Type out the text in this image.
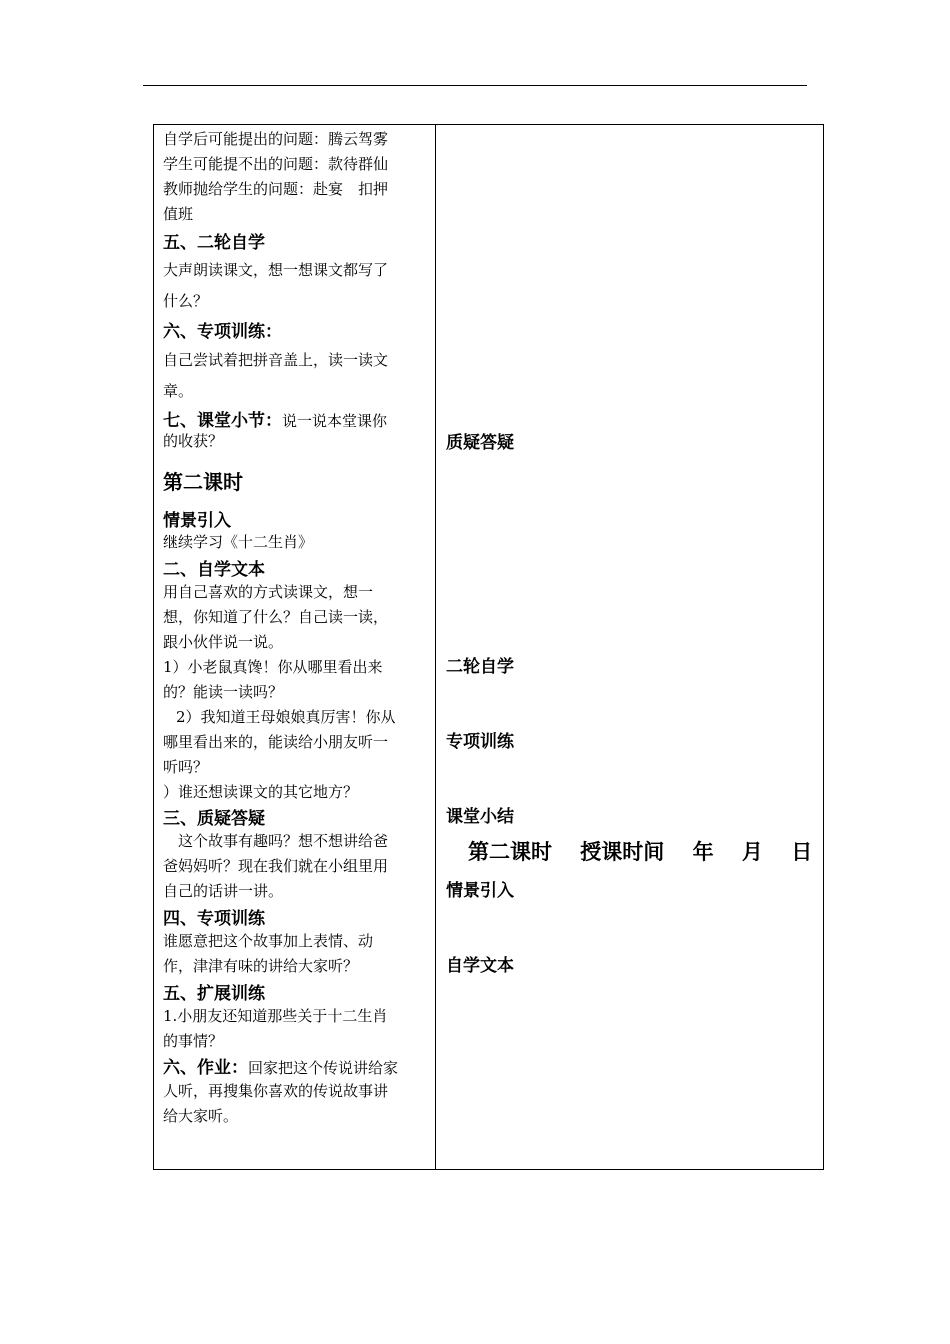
自学后可能提出的问题：腾云驾雾
学生可能提不出的问题：款待群仙
教师抛给学生的问题：赴宴　扣押
值班
五、二轮自学
大声朗读课文，想一想课文都写了
什么？
六、专项训练：
自己尝试着把拼音盖上，读一读文
章。
七、课堂小节：说一说本堂课你
的收获？
第二课时
情景引入
继续学习《十二生肖》
二、自学文本
用自己喜欢的方式读课文，想一
想，你知道了什么？自己读一读，
跟小伙伴说一说。
1）小老鼠真馋！你从哪里看出来
的？能读一读吗？
2）我知道王母娘娘真厉害！你从
哪里看出来的，能读给小朋友听一
听吗？
）谁还想读课文的其它地方？
三、质疑答疑
这个故事有趣吗？想不想讲给爸
爸妈妈听？现在我们就在小组里用
自己的话讲一讲。
四、专项训练
谁愿意把这个故事加上表情、动
作，津津有味的讲给大家听？
五、扩展训练
1.小朋友还知道那些关于十二生肖
的事情？
六、作业：回家把这个传说讲给家
人听，再搜集你喜欢的传说故事讲
给大家听。
质疑答疑
二轮自学
专项训练
课堂小结
第二课时　 授课时间　 年　 月　 日
情景引入
自学文本
